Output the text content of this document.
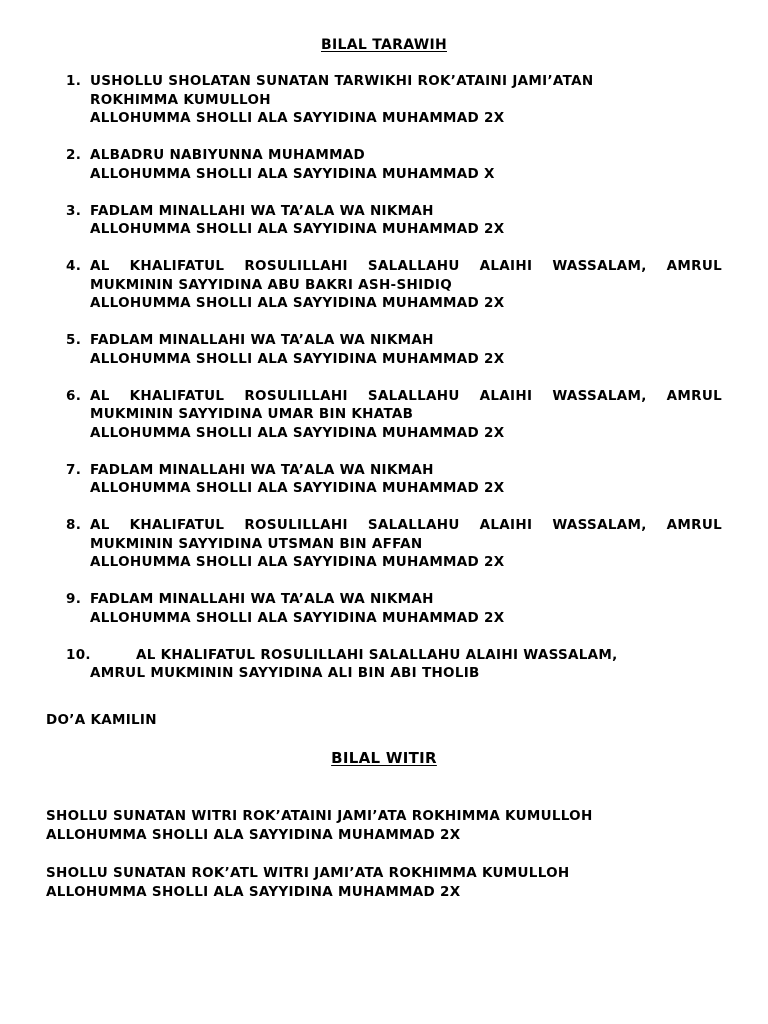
BILAL TARAWIH
1. USHOLLU SHOLATAN SUNATAN TARWIKHI ROK’ATAINI JAMI’ATAN
ROKHIMMA KUMULLOH
ALLOHUMMA SHOLLI ALA SAYYIDINA MUHAMMAD 2X
2. ALBADRU NABIYUNNA MUHAMMAD
ALLOHUMMA SHOLLI ALA SAYYIDINA MUHAMMAD X
3. FADLAM MINALLAHI WA TA’ALA WA NIKMAH
ALLOHUMMA SHOLLI ALA SAYYIDINA MUHAMMAD 2X
4. AL KHALIFATUL ROSULILLAHI SALALLAHU ALAIHI WASSALAM, AMRUL
MUKMININ SAYYIDINA ABU BAKRI ASH-SHIDIQ
ALLOHUMMA SHOLLI ALA SAYYIDINA MUHAMMAD 2X
5. FADLAM MINALLAHI WA TA’ALA WA NIKMAH
ALLOHUMMA SHOLLI ALA SAYYIDINA MUHAMMAD 2X
6. AL KHALIFATUL ROSULILLAHI SALALLAHU ALAIHI WASSALAM, AMRUL
MUKMININ SAYYIDINA UMAR BIN KHATAB
ALLOHUMMA SHOLLI ALA SAYYIDINA MUHAMMAD 2X
7. FADLAM MINALLAHI WA TA’ALA WA NIKMAH
ALLOHUMMA SHOLLI ALA SAYYIDINA MUHAMMAD 2X
8. AL KHALIFATUL ROSULILLAHI SALALLAHU ALAIHI WASSALAM, AMRUL
MUKMININ SAYYIDINA UTSMAN BIN AFFAN
ALLOHUMMA SHOLLI ALA SAYYIDINA MUHAMMAD 2X
9. FADLAM MINALLAHI WA TA’ALA WA NIKMAH
ALLOHUMMA SHOLLI ALA SAYYIDINA MUHAMMAD 2X
10.	AL KHALIFATUL ROSULILLAHI SALALLAHU ALAIHI WASSALAM,
AMRUL MUKMININ SAYYIDINA ALI BIN ABI THOLIB
DO’A KAMILIN
BILAL WITIR
SHOLLU SUNATAN WITRI ROK’ATAINI JAMI’ATA ROKHIMMA KUMULLOH
ALLOHUMMA SHOLLI ALA SAYYIDINA MUHAMMAD 2X
SHOLLU SUNATAN ROK’ATL WITRI JAMI’ATA ROKHIMMA KUMULLOH
ALLOHUMMA SHOLLI ALA SAYYIDINA MUHAMMAD 2X
